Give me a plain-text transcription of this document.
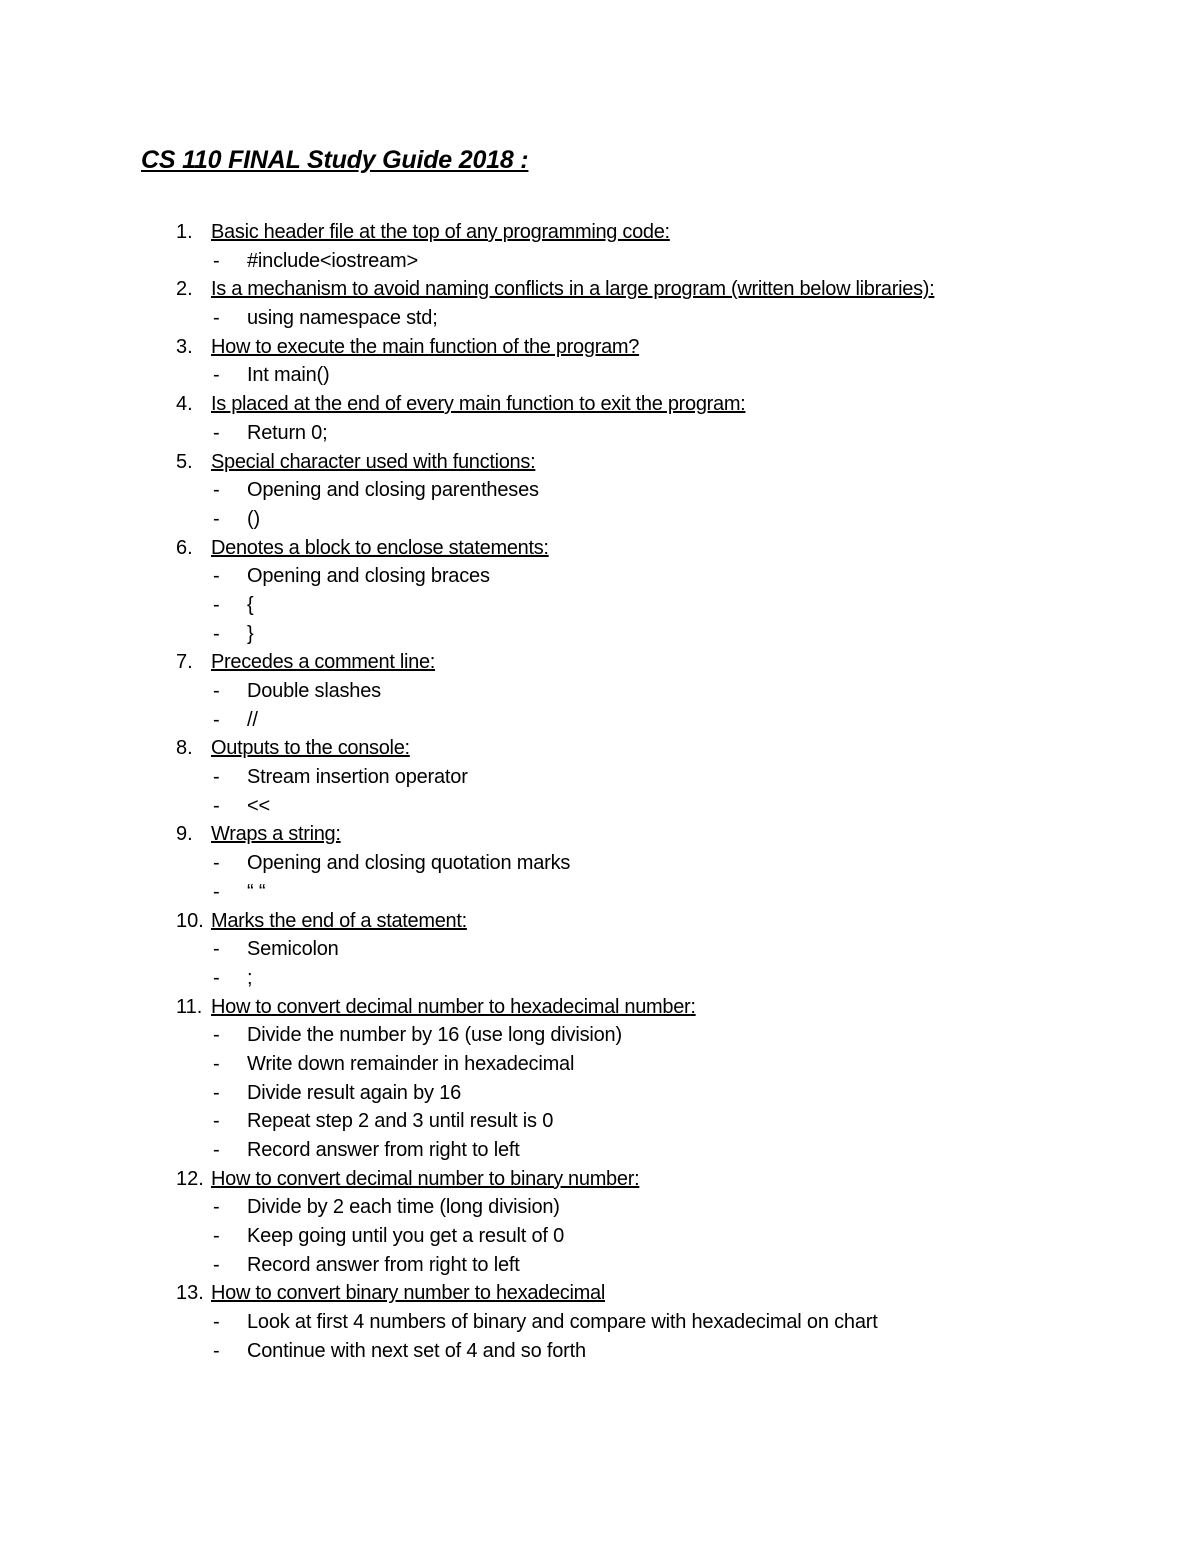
CS 110 FINAL Study Guide 2018 :
1. Basic header file at the top of any programming code:
- #include<iostream>
2. Is a mechanism to avoid naming conflicts in a large program (written below libraries):
- using namespace std;
3. How to execute the main function of the program?
- Int main()
4. Is placed at the end of every main function to exit the program:
- Return 0;
5. Special character used with functions:
- Opening and closing parentheses
- ()
6. Denotes a block to enclose statements:
- Opening and closing braces
- {
- }
7. Precedes a comment line:
- Double slashes
- //
8. Outputs to the console:
- Stream insertion operator
- <<
9. Wraps a string:
- Opening and closing quotation marks
- “ “
10. Marks the end of a statement:
- Semicolon
- ;
11. How to convert decimal number to hexadecimal number:
- Divide the number by 16 (use long division)
- Write down remainder in hexadecimal
- Divide result again by 16
- Repeat step 2 and 3 until result is 0
- Record answer from right to left
12. How to convert decimal number to binary number:
- Divide by 2 each time (long division)
- Keep going until you get a result of 0
- Record answer from right to left
13. How to convert binary number to hexadecimal
- Look at first 4 numbers of binary and compare with hexadecimal on chart
- Continue with next set of 4 and so forth
